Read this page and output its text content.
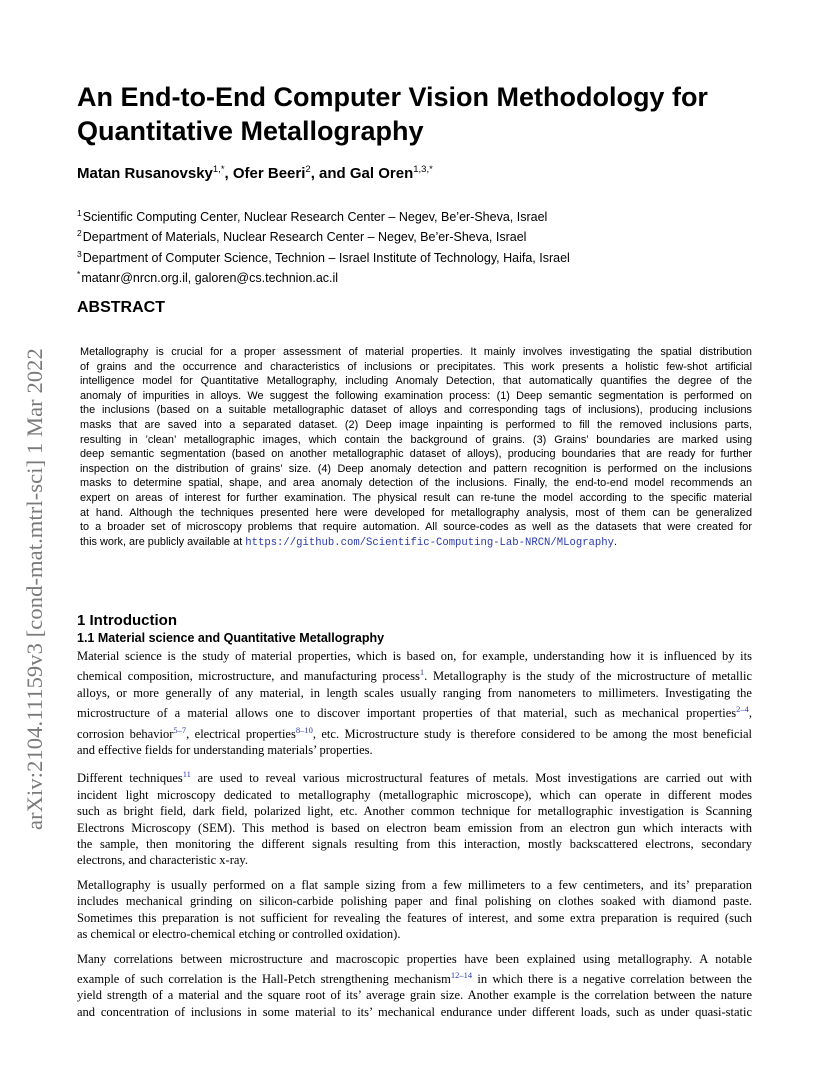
arXiv:2104.11159v3 [cond-mat.mtrl-sci] 1 Mar 2022
An End-to-End Computer Vision Methodology for
Quantitative Metallography
Matan Rusanovsky$^{1,*}$, Ofer Beeri$^2$, and Gal Oren$^{1,3,*}$
$^1$Scientific Computing Center, Nuclear Research Center – Negev, Be’er-Sheva, Israel
$^2$Department of Materials, Nuclear Research Center – Negev, Be’er-Sheva, Israel
$^3$Department of Computer Science, Technion – Israel Institute of Technology, Haifa, Israel
*matanr@nrcn.org.il, galoren@cs.technion.ac.il
ABSTRACT
Metallography is crucial for a proper assessment of material properties. It mainly involves investigating the spatial distribution
of grains and the occurrence and characteristics of inclusions or precipitates. This work presents a holistic few-shot artificial
intelligence model for Quantitative Metallography, including Anomaly Detection, that automatically quantifies the degree of the
anomaly of impurities in alloys. We suggest the following examination process: (1) Deep semantic segmentation is performed on
the inclusions (based on a suitable metallographic dataset of alloys and corresponding tags of inclusions), producing inclusions
masks that are saved into a separated dataset. (2) Deep image inpainting is performed to fill the removed inclusions parts,
resulting in ’clean’ metallographic images, which contain the background of grains. (3) Grains’ boundaries are marked using
deep semantic segmentation (based on another metallographic dataset of alloys), producing boundaries that are ready for further
inspection on the distribution of grains’ size. (4) Deep anomaly detection and pattern recognition is performed on the inclusions
masks to determine spatial, shape, and area anomaly detection of the inclusions. Finally, the end-to-end model recommends an
expert on areas of interest for further examination. The physical result can re-tune the model according to the specific material
at hand. Although the techniques presented here were developed for metallography analysis, most of them can be generalized
to a broader set of microscopy problems that require automation. All source-codes as well as the datasets that were created for
this work, are publicly available at https://github.com/Scientific-Computing-Lab-NRCN/MLography.
1 Introduction
1.1 Material science and Quantitative Metallography
Material science is the study of material properties, which is based on, for example, understanding how it is influenced by its
chemical composition, microstructure, and manufacturing process$^1$. Metallography is the study of the microstructure of metallic
alloys, or more generally of any material, in length scales usually ranging from nanometers to millimeters. Investigating the
microstructure of a material allows one to discover important properties of that material, such as mechanical properties$^{2-4}$,
corrosion behavior$^{5-7}$, electrical properties$^{8-10}$, etc. Microstructure study is therefore considered to be among the most beneficial
and effective fields for understanding materials’ properties.
Different techniques$^{11}$ are used to reveal various microstructural features of metals. Most investigations are carried out with
incident light microscopy dedicated to metallography (metallographic microscope), which can operate in different modes
such as bright field, dark field, polarized light, etc. Another common technique for metallographic investigation is Scanning
Electrons Microscopy (SEM). This method is based on electron beam emission from an electron gun which interacts with
the sample, then monitoring the different signals resulting from this interaction, mostly backscattered electrons, secondary
electrons, and characteristic x-ray.
Metallography is usually performed on a flat sample sizing from a few millimeters to a few centimeters, and its’ preparation
includes mechanical grinding on silicon-carbide polishing paper and final polishing on clothes soaked with diamond paste.
Sometimes this preparation is not sufficient for revealing the features of interest, and some extra preparation is required (such
as chemical or electro-chemical etching or controlled oxidation).
Many correlations between microstructure and macroscopic properties have been explained using metallography. A notable
example of such correlation is the Hall-Petch strengthening mechanism$^{12-14}$ in which there is a negative correlation between the
yield strength of a material and the square root of its’ average grain size. Another example is the correlation between the nature
and concentration of inclusions in some material to its’ mechanical endurance under different loads, such as under quasi-static
